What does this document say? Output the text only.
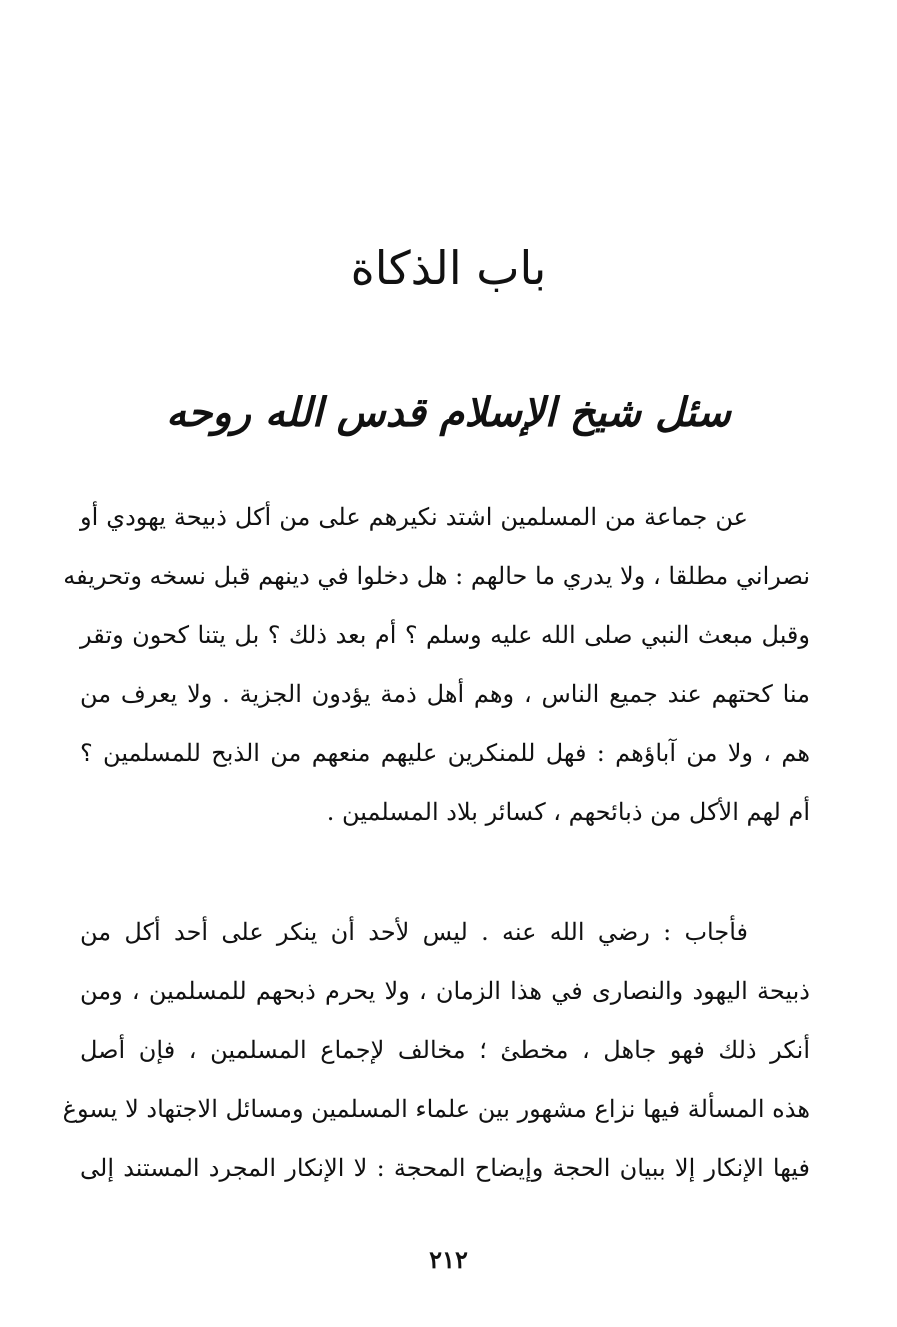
باب الذكاة
سئل شيخ الإسلام قدس الله روحه

عن جماعة من المسلمين اشتد نكيرهم على من أكل ذبيحة يهودي أو
نصراني مطلقا ، ولا يدري ما حالهم : هل دخلوا في دينهم قبل نسخه وتحريفه
وقبل مبعث النبي صلى الله عليه وسلم ؟ أم بعد ذلك ؟ بل يتنا كحون وتقر
منا كحتهم عند جميع الناس ، وهم أهل ذمة يؤدون الجزية . ولا يعرف من
هم ، ولا من آباؤهم : فهل للمنكرين عليهم منعهم من الذبح للمسلمين ؟
أم لهم الأكل من ذبائحهم ، كسائر بلاد المسلمين .

فأجاب : رضي الله عنه . ليس لأحد أن ينكر على أحد أكل من
ذبيحة اليهود والنصارى في هذا الزمان ، ولا يحرم ذبحهم للمسلمين ، ومن
أنكر ذلك فهو جاهل ، مخطئ ؛ مخالف لإجماع المسلمين ، فإن أصل
هذه المسألة فيها نزاع مشهور بين علماء المسلمين ومسائل الاجتهاد لا يسوغ
فيها الإنكار إلا ببيان الحجة وإيضاح المحجة : لا الإنكار المجرد المستند إلى

٢١٢
